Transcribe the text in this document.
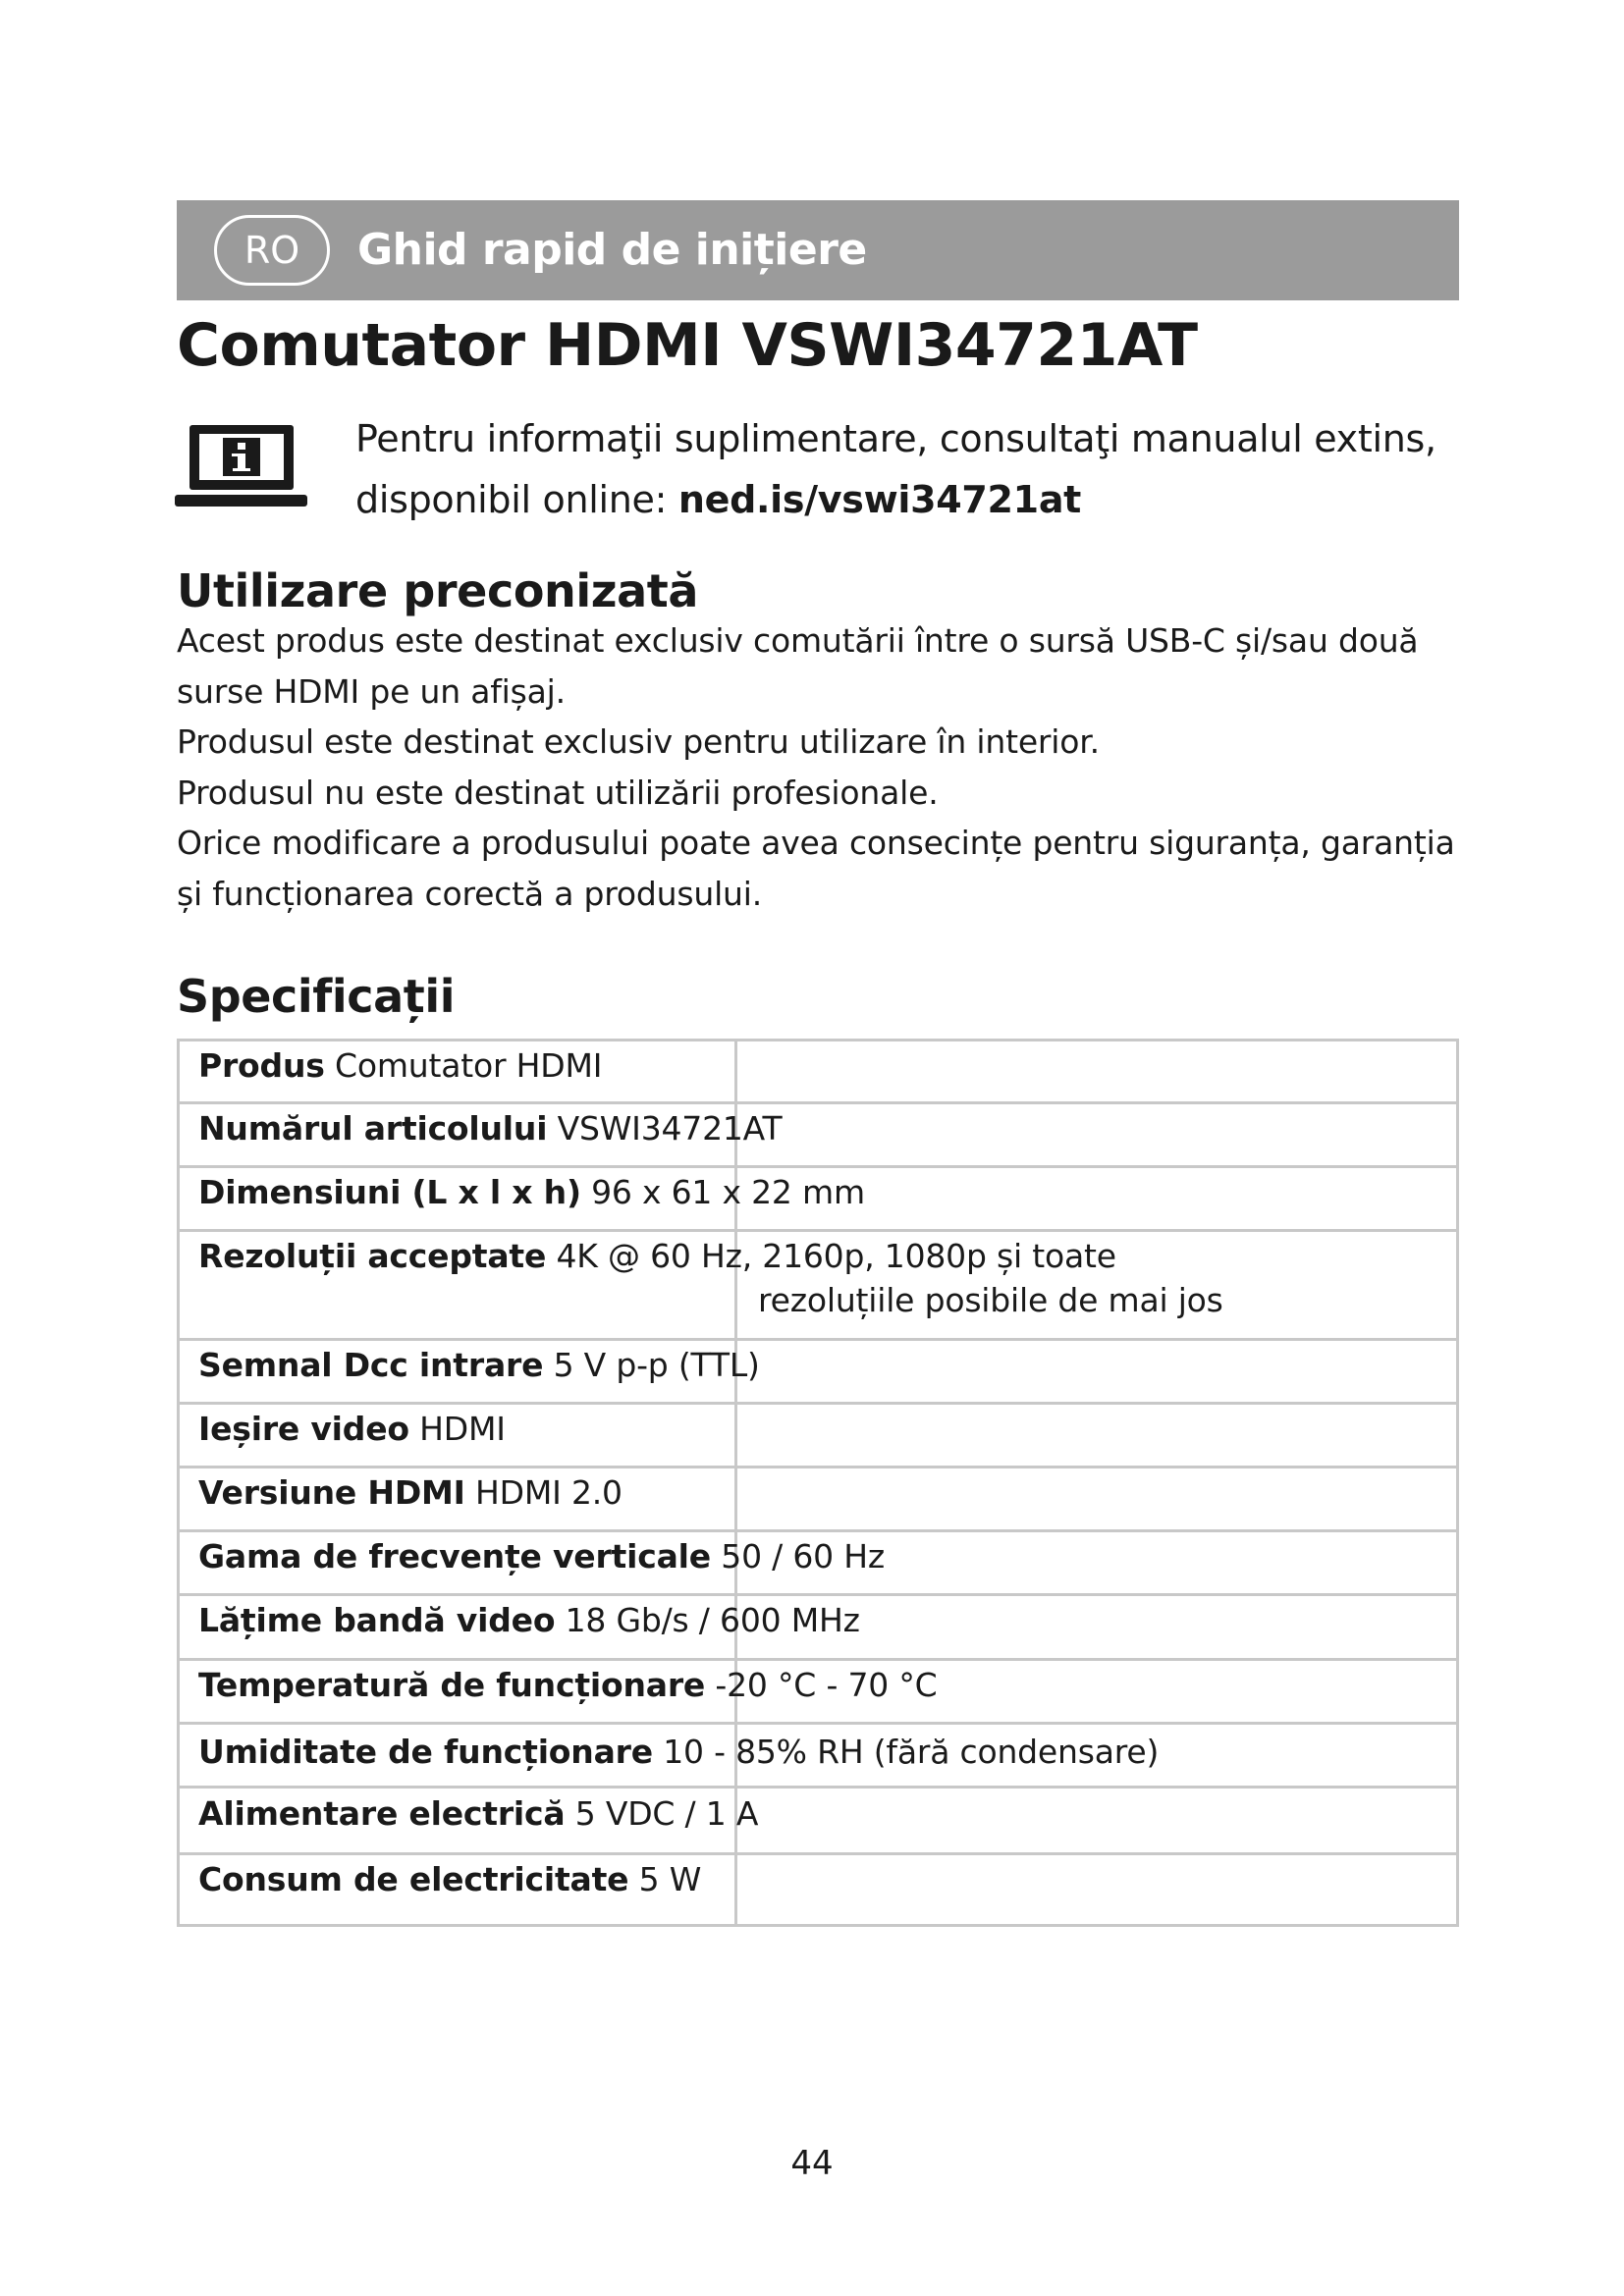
RO	Ghid rapid de inițiere
Comutator HDMI VSWI34721AT
Pentru informaţii suplimentare, consultaţi manualul extins,
disponibil online: ned.is/vswi34721at
Utilizare preconizată

Acest produs este destinat exclusiv comutării între o sursă USB-C și/sau două

surse HDMI pe un afișaj.

Produsul este destinat exclusiv pentru utilizare în interior.

Produsul nu este destinat utilizării profesionale.

Orice modificare a produsului poate avea consecințe pentru siguranța, garanția

și funcționarea corectă a produsului.

Specificații
Produs Comutator HDMI
Numărul articolului VSWI34721AT
Dimensiuni (L x l x h) 96 x 61 x 22 mm
Rezoluții acceptate 4K @ 60 Hz, 2160p, 1080p și toate
rezoluțiile posibile de mai jos
Semnal Dcc intrare 5 V p-p (TTL)
Ieșire video HDMI
Versiune HDMI HDMI 2.0
Gama de frecvențe verticale 50 / 60 Hz
Lățime bandă video 18 Gb/s / 600 MHz
Temperatură de funcționare -20 °C - 70 °C
Umiditate de funcționare 10 - 85% RH (fără condensare)
Alimentare electrică 5 VDC / 1 A
Consum de electricitate 5 W
44
